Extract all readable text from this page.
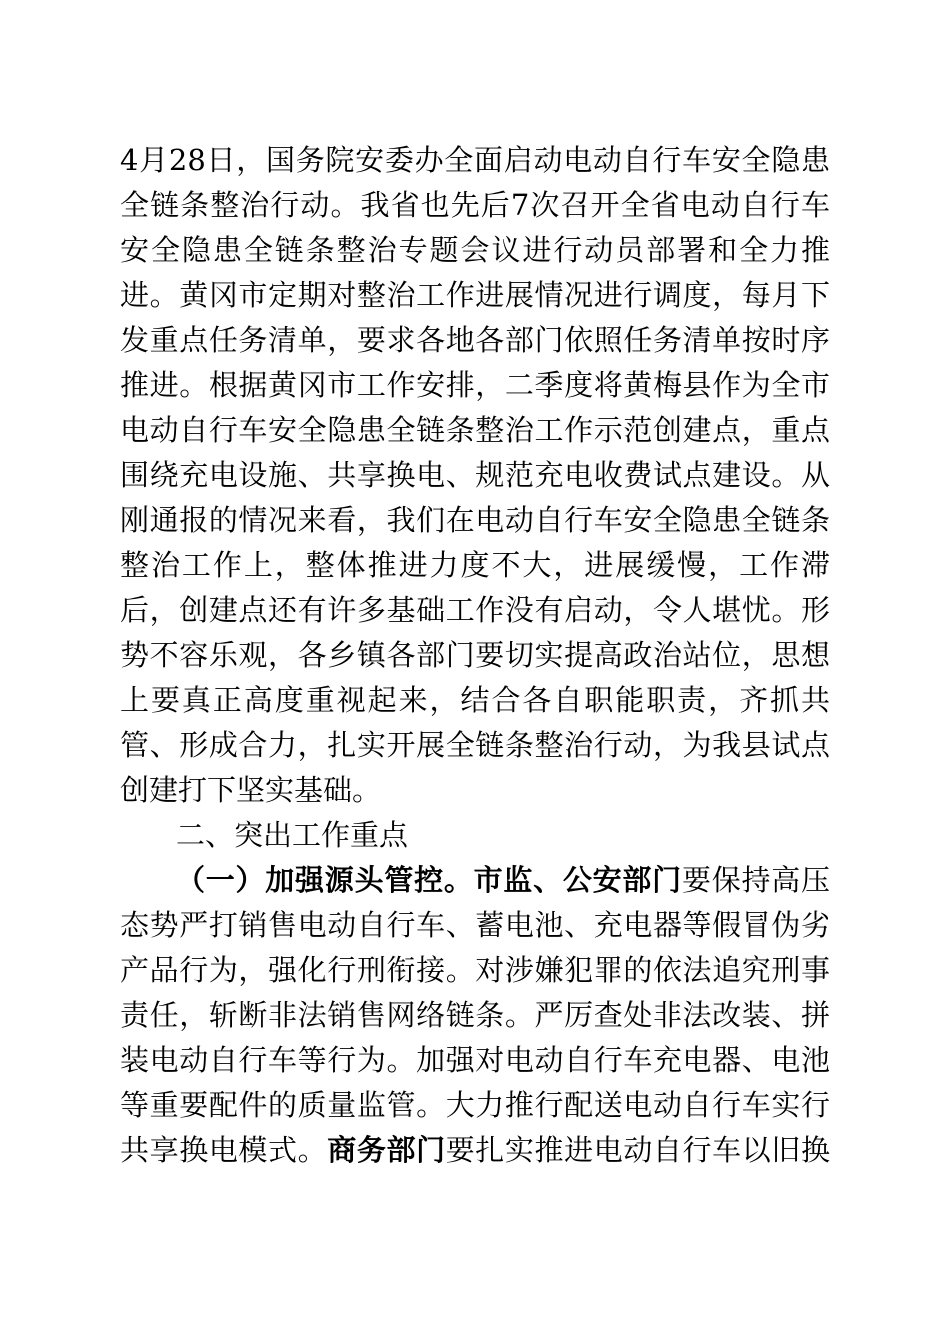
4月28日，国务院安委办全面启动电动自行车安全隐患
全链条整治行动。我省也先后7次召开全省电动自行车
安全隐患全链条整治专题会议进行动员部署和全力推
进。黄冈市定期对整治工作进展情况进行调度，每月下
发重点任务清单，要求各地各部门依照任务清单按时序
推进。根据黄冈市工作安排，二季度将黄梅县作为全市
电动自行车安全隐患全链条整治工作示范创建点，重点
围绕充电设施、共享换电、规范充电收费试点建设。从
刚通报的情况来看，我们在电动自行车安全隐患全链条
整治工作上，整体推进力度不大，进展缓慢，工作滞
后，创建点还有许多基础工作没有启动，令人堪忧。形
势不容乐观，各乡镇各部门要切实提高政治站位，思想
上要真正高度重视起来，结合各自职能职责，齐抓共
管、形成合力，扎实开展全链条整治行动，为我县试点
创建打下坚实基础。
二、突出工作重点
（一）加强源头管控。市监、公安部门要保持高压
态势严打销售电动自行车、蓄电池、充电器等假冒伪劣
产品行为，强化行刑衔接。对涉嫌犯罪的依法追究刑事
责任，斩断非法销售网络链条。严厉查处非法改装、拼
装电动自行车等行为。加强对电动自行车充电器、电池
等重要配件的质量监管。大力推行配送电动自行车实行
共享换电模式。商务部门要扎实推进电动自行车以旧换
